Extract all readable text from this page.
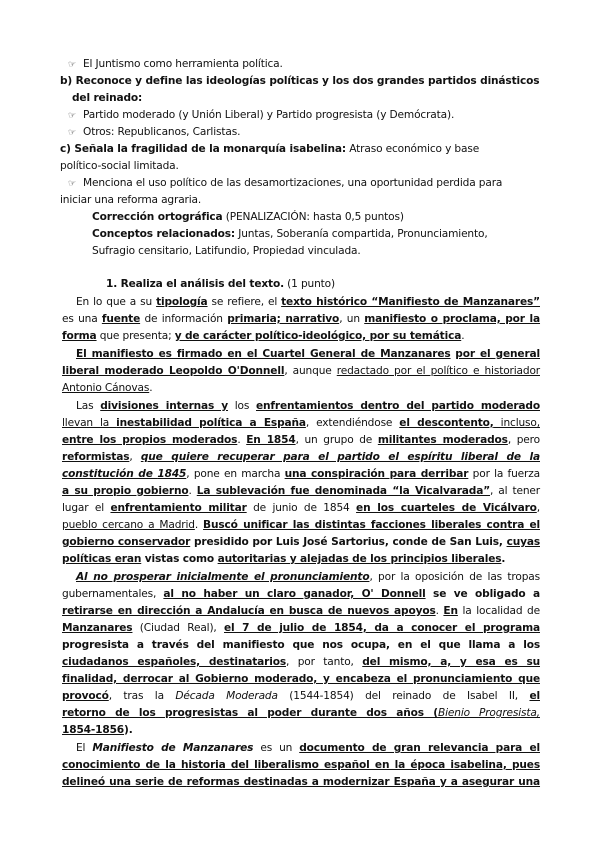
☞ El Juntismo como herramienta política.
b) Reconoce y define las ideologías políticas y los dos grandes partidos dinásticos
del reinado:
☞ Partido moderado (y Unión Liberal) y Partido progresista (y Demócrata).
☞ Otros: Republicanos, Carlistas.
c) Señala la fragilidad de la monarquía isabelina: Atraso económico y base
político-social limitada.
☞ Menciona el uso político de las desamortizaciones, una oportunidad perdida para
iniciar una reforma agraria.
Corrección ortográfica (PENALIZACIÓN: hasta 0,5 puntos)
Conceptos relacionados: Juntas, Soberanía compartida, Pronunciamiento,
Sufragio censitario, Latifundio, Propiedad vinculada.
1. Realiza el análisis del texto. (1 punto)
En lo que a su tipología se refiere, el texto histórico “Manifiesto de Manzanares”
es una fuente de información primaria; narrativo, un manifiesto o proclama, por la
forma que presenta; y de carácter político-ideológico, por su temática.
El manifiesto es firmado en el Cuartel General de Manzanares por el general
liberal moderado Leopoldo O'Donnell, aunque redactado por el político e historiador
Antonio Cánovas.
Las divisiones internas y los enfrentamientos dentro del partido moderado
llevan la inestabilidad política a España, extendiéndose el descontento, incluso,
entre los propios moderados. En 1854, un grupo de militantes moderados, pero
reformistas, que quiere recuperar para el partido el espíritu liberal de la
constitución de 1845, pone en marcha una conspiración para derribar por la fuerza
a su propio gobierno. La sublevación fue denominada “la Vicalvarada”, al tener
lugar el enfrentamiento militar de junio de 1854 en los cuarteles de Vicálvaro,
pueblo cercano a Madrid. Buscó unificar las distintas facciones liberales contra el
gobierno conservador presidido por Luis José Sartorius, conde de San Luis, cuyas
políticas eran vistas como autoritarias y alejadas de los principios liberales.
Al no prosperar inicialmente el pronunciamiento, por la oposición de las tropas
gubernamentales, al no haber un claro ganador, O' Donnell se ve obligado a
retirarse en dirección a Andalucía en busca de nuevos apoyos. En la localidad de
Manzanares (Ciudad Real), el 7 de julio de 1854, da a conocer el programa
progresista a través del manifiesto que nos ocupa, en el que llama a los
ciudadanos españoles, destinatarios, por tanto, del mismo, a, y esa es su
finalidad, derrocar al Gobierno moderado, y encabeza el pronunciamiento que
provocó, tras la Década Moderada (1544-1854) del reinado de Isabel II, el
retorno de los progresistas al poder durante dos años (Bienio Progresista,
1854-1856).
El Manifiesto de Manzanares es un documento de gran relevancia para el
conocimiento de la historia del liberalismo español en la época isabelina, pues
delineó una serie de reformas destinadas a modernizar España y a asegurar una
